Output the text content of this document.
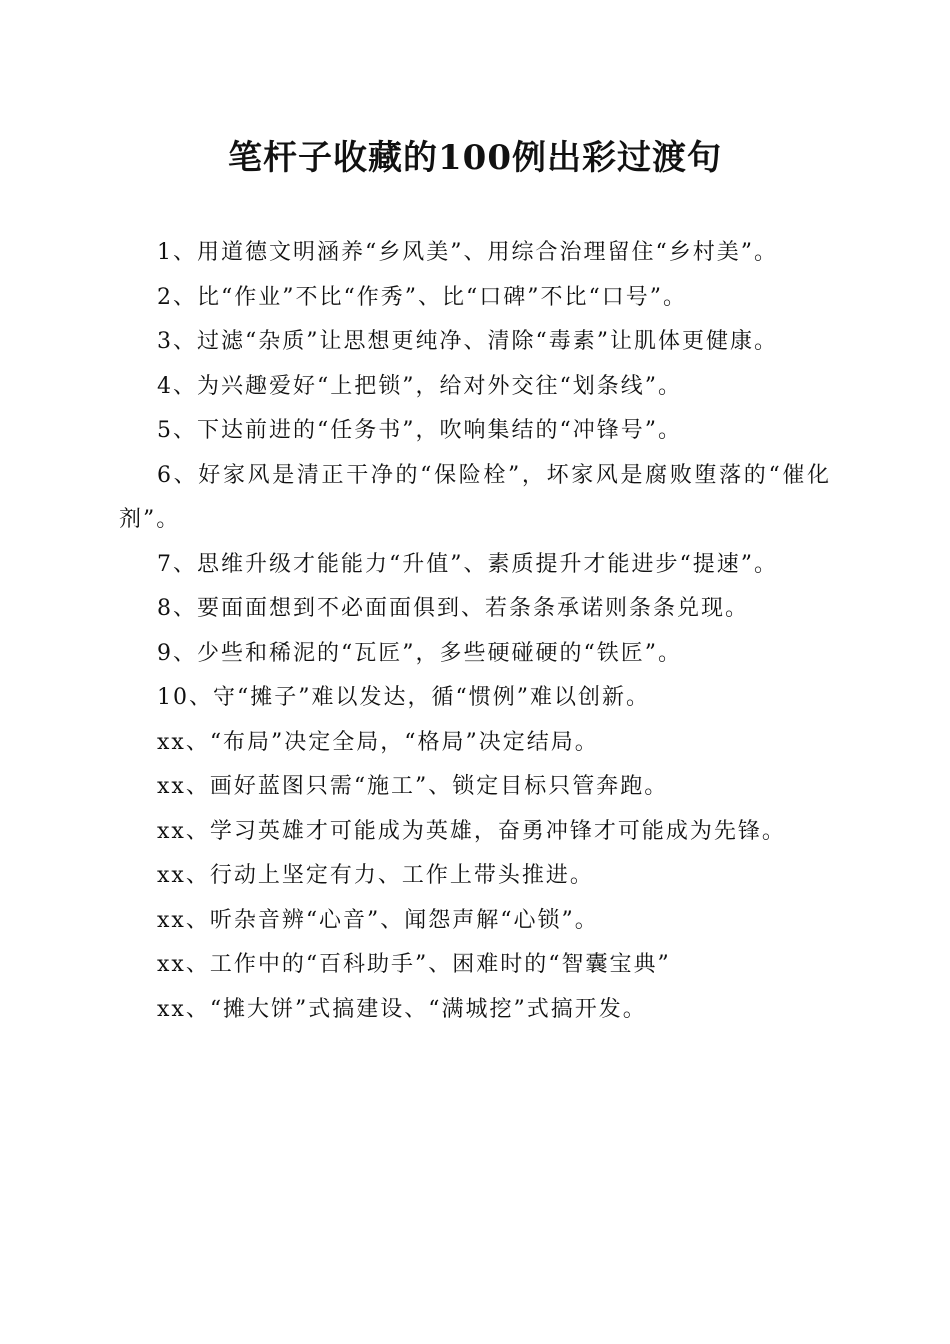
笔杆子收藏的100例出彩过渡句

1、用道德文明涵养“乡风美”、用综合治理留住“乡村美”。

2、比“作业”不比“作秀”、比“口碑”不比“口号”。

3、过滤“杂质”让思想更纯净、清除“毒素”让肌体更健康。

4、为兴趣爱好“上把锁”，给对外交往“划条线”。

5、下达前进的“任务书”，吹响集结的“冲锋号”。

6、好家风是清正干净的“保险栓”，坏家风是腐败堕落的“催化剂”。

7、思维升级才能能力“升值”、素质提升才能进步“提速”。

8、要面面想到不必面面俱到、若条条承诺则条条兑现。

9、少些和稀泥的“瓦匠”，多些硬碰硬的“铁匠”。

10、守“摊子”难以发达，循“惯例”难以创新。

xx、“布局”决定全局，“格局”决定结局。

xx、画好蓝图只需“施工”、锁定目标只管奔跑。

xx、学习英雄才可能成为英雄，奋勇冲锋才可能成为先锋。

xx、行动上坚定有力、工作上带头推进。

xx、听杂音辨“心音”、闻怨声解“心锁”。

xx、工作中的“百科助手”、困难时的“智囊宝典”

xx、“摊大饼”式搞建设、“满城挖”式搞开发。
